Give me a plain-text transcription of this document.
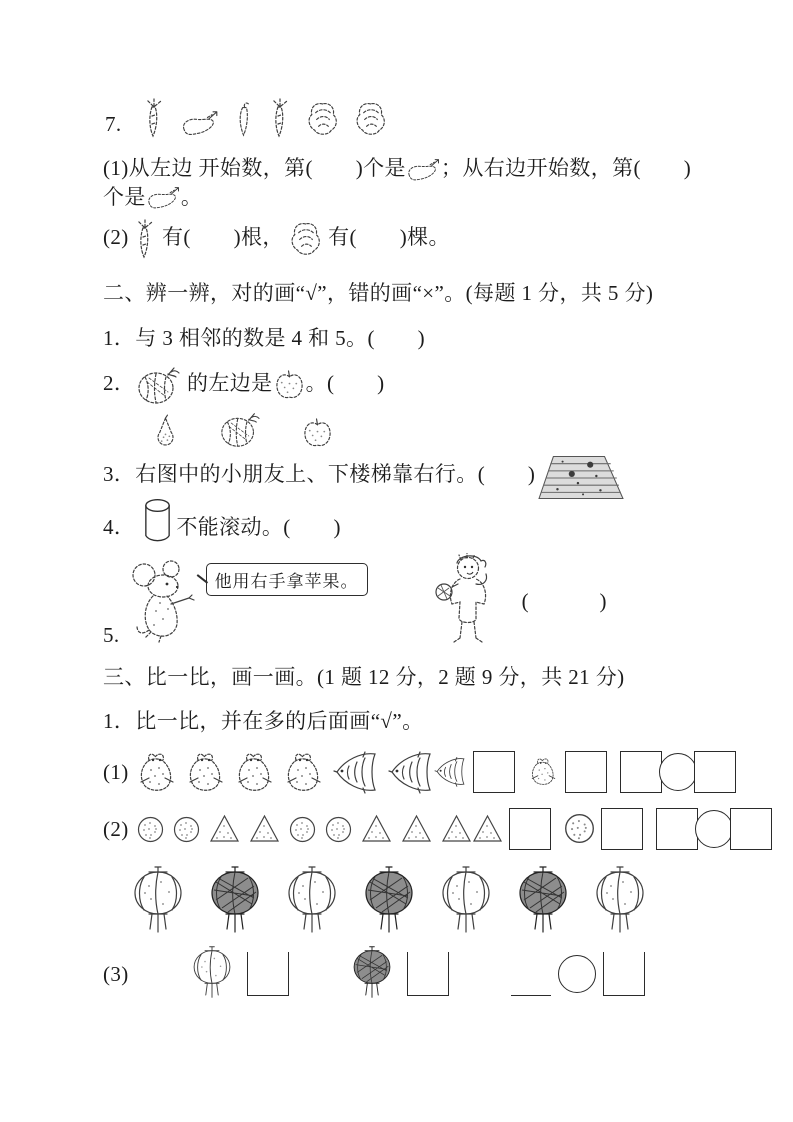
7.
(1)从左边 开始数，第(　　)个是 ；从右边开始数，第(　　)个是 。
(2) 有(　　)根， 有(　　)棵。
二、辨一辨，对的画“√”，错的画“×”。(每题 1 分，共 5 分)
1．与 3 相邻的数是 4 和 5。(　　)
2． 的左边是 。(　　)
3．右图中的小朋友上、下楼梯靠右行。(　　)
4． 不能滚动。(　　)
5.
他用右手拿苹果。
(　　　)
三、比一比，画一画。(1 题 12 分，2 题 9 分，共 21 分)
1．比一比，并在多的后面画“√”。
(1)
(2)
(3)
